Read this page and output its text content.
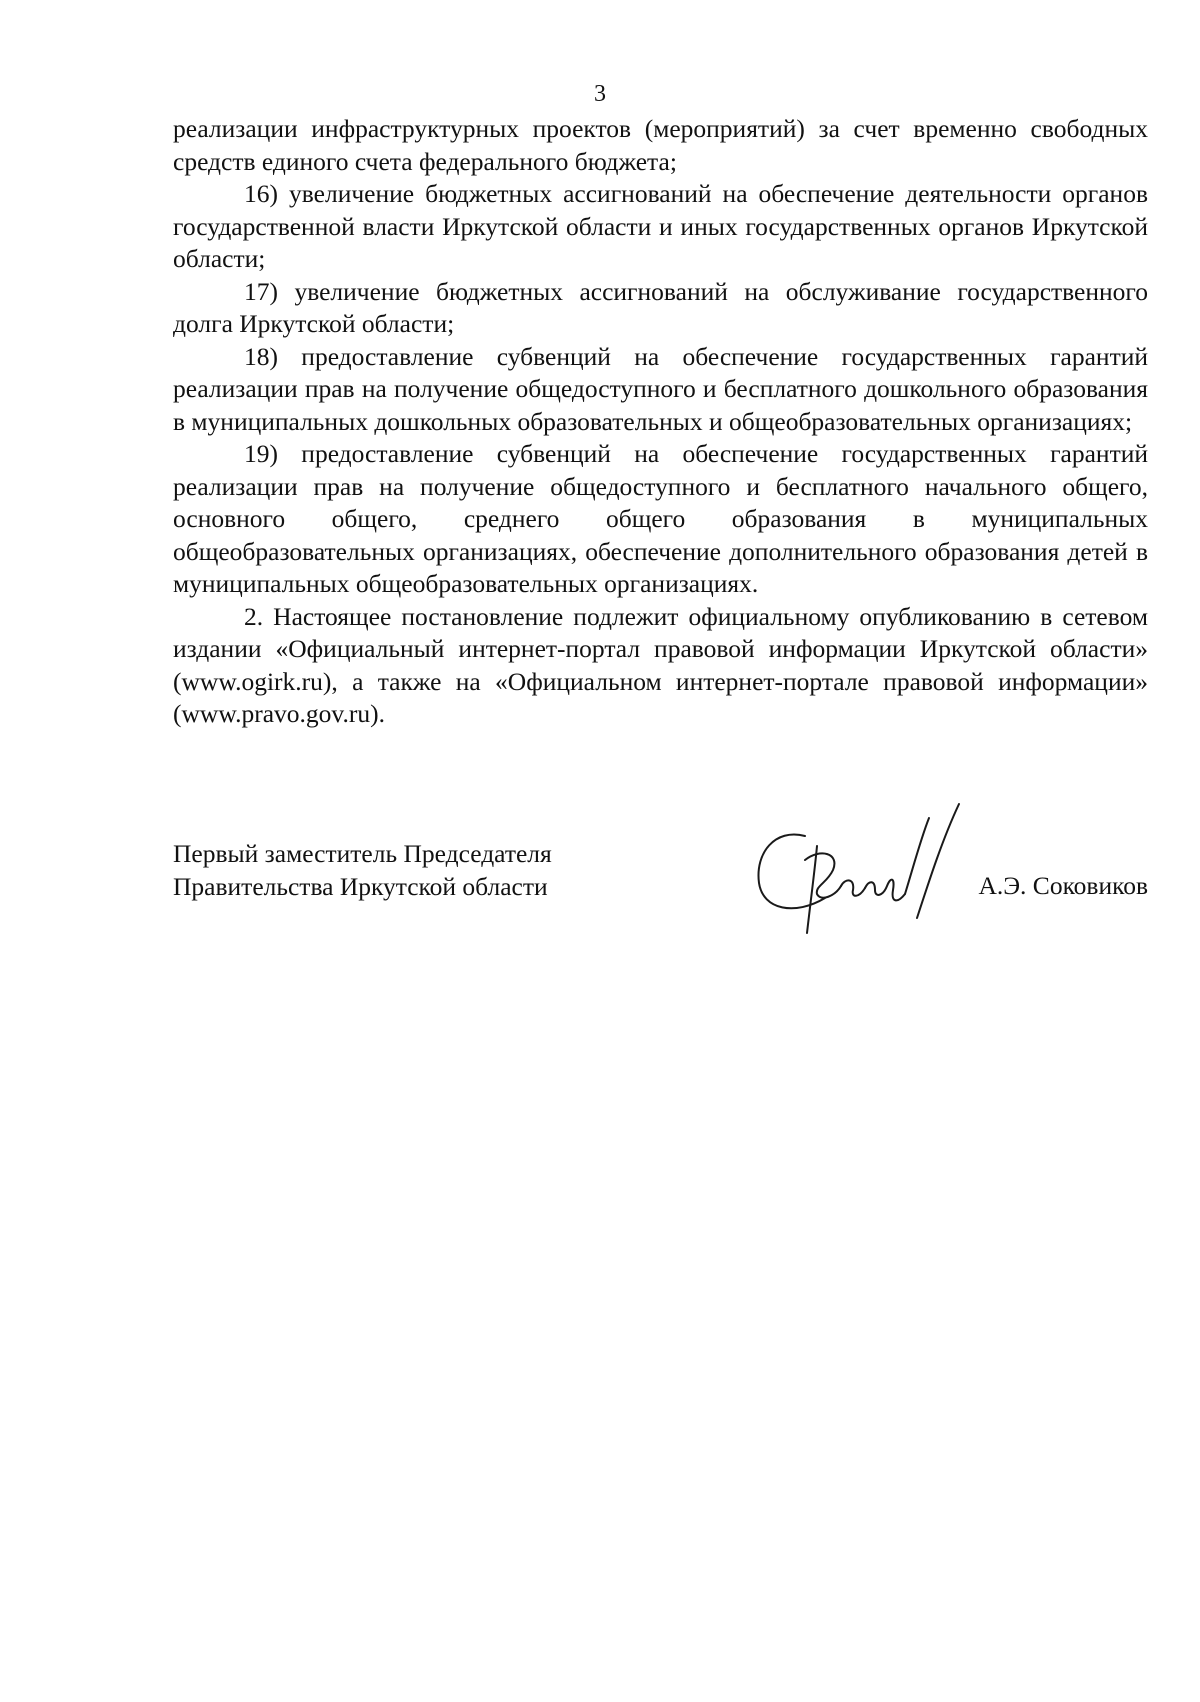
3

реализации инфраструктурных проектов (мероприятий) за счет временно свободных средств единого счета федерального бюджета;

16) увеличение бюджетных ассигнований на обеспечение деятельности органов государственной власти Иркутской области и иных государственных органов Иркутской области;

17) увеличение бюджетных ассигнований на обслуживание государственного долга Иркутской области;

18) предоставление субвенций на обеспечение государственных гарантий реализации прав на получение общедоступного и бесплатного дошкольного образования в муниципальных дошкольных образовательных и общеобразовательных организациях;

19) предоставление субвенций на обеспечение государственных гарантий реализации прав на получение общедоступного и бесплатного начального общего, основного общего, среднего общего образования в муниципальных общеобразовательных организациях, обеспечение дополнительного образования детей в муниципальных общеобразовательных организациях.

2. Настоящее постановление подлежит официальному опубликованию в сетевом издании «Официальный интернет-портал правовой информации Иркутской области» (www.ogirk.ru), а также на «Официальном интернет-портале правовой информации» (www.pravo.gov.ru).

Первый заместитель Председателя
Правительства Иркутской области	А.Э. Соковиков
